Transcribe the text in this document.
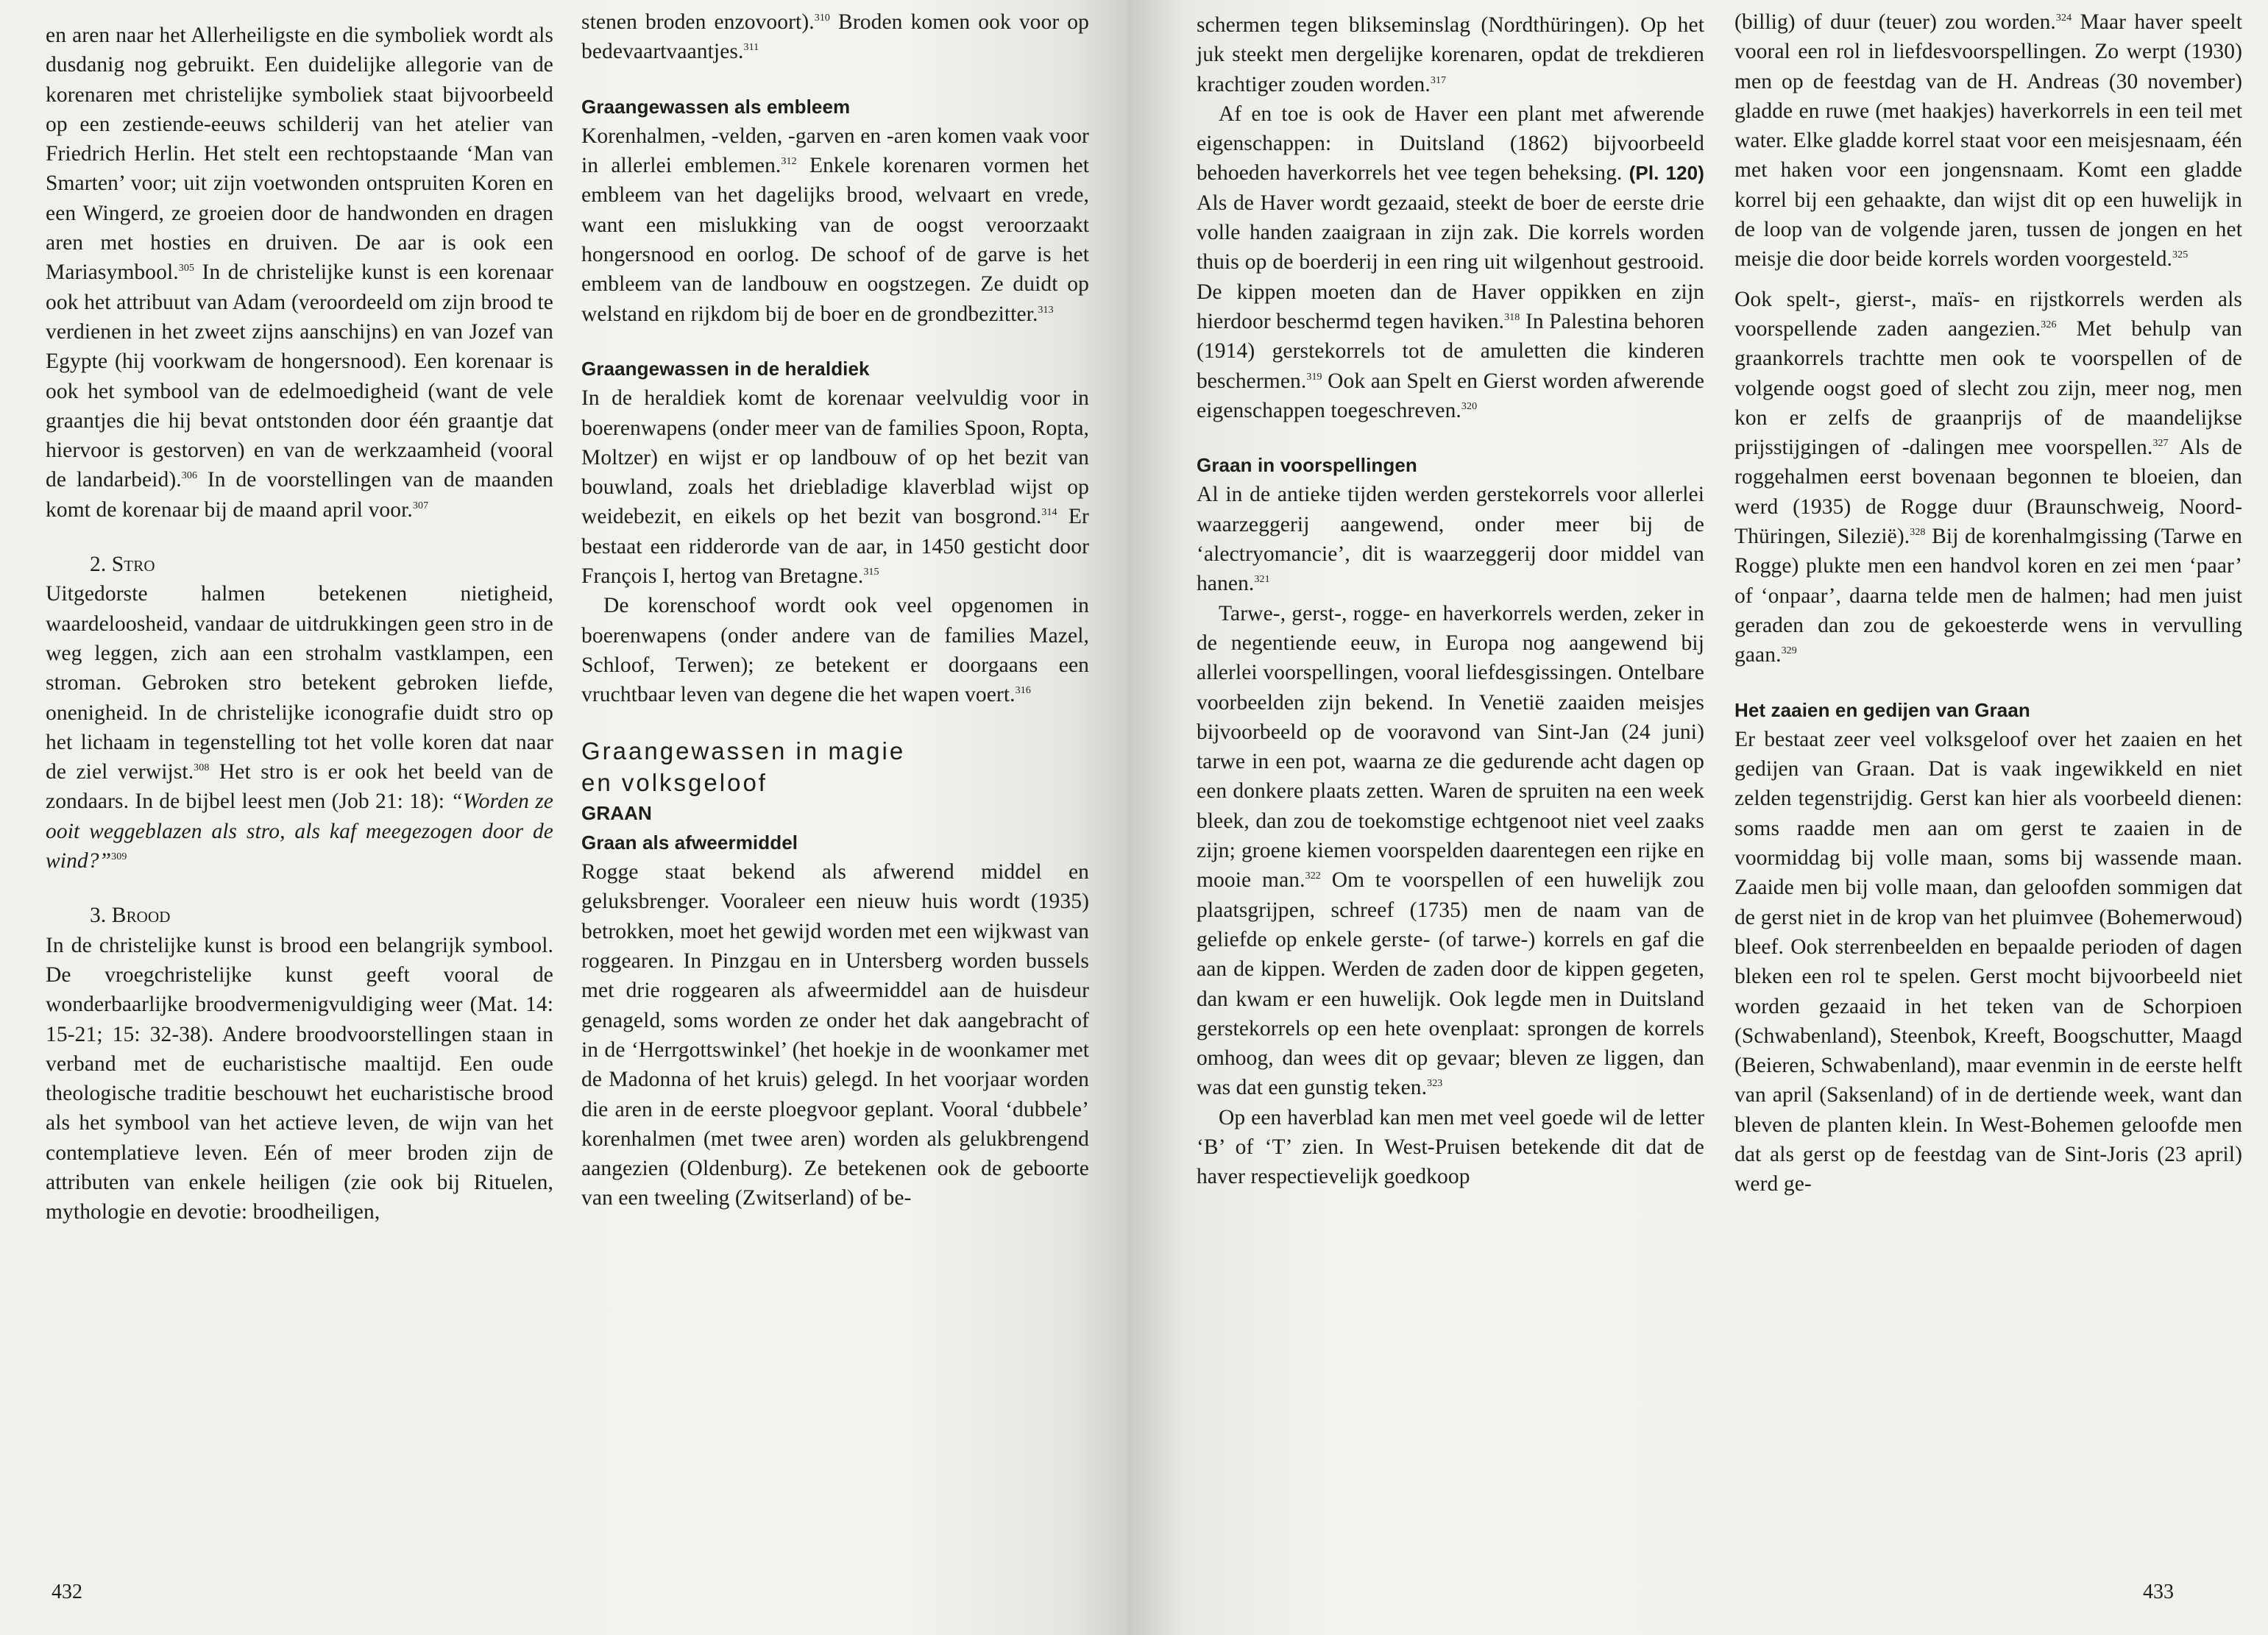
en aren naar het Allerheiligste en die symboliek wordt als dusdanig nog gebruikt. Een duidelijke allegorie van de korenaren met christelijke symboliek staat bijvoorbeeld op een zestiende-eeuws schilderij van het atelier van Friedrich Herlin. Het stelt een rechtopstaande ‘Man van Smarten’ voor; uit zijn voetwonden ontspruiten Koren en een Wingerd, ze groeien door de handwonden en dragen aren met hosties en druiven. De aar is ook een Mariasymbool.$^{305}$ In de christelijke kunst is een korenaar ook het attribuut van Adam (veroordeeld om zijn brood te verdienen in het zweet zijns aanschijns) en van Jozef van Egypte (hij voorkwam de hongersnood). Een korenaar is ook het symbool van de edelmoedigheid (want de vele graantjes die hij bevat ontstonden door één graantje dat hiervoor is gestorven) en van de werkzaamheid (vooral de landarbeid).$^{306}$ In de voorstellingen van de maanden komt de korenaar bij de maand april voor.$^{307}$

2. Stro

Uitgedorste halmen betekenen nietigheid, waardeloosheid, vandaar de uitdrukkingen geen stro in de weg leggen, zich aan een strohalm vastklampen, een stroman. Gebroken stro betekent gebroken liefde, onenigheid. In de christelijke iconografie duidt stro op het lichaam in tegenstelling tot het volle koren dat naar de ziel verwijst.$^{308}$ Het stro is er ook het beeld van de zondaars. In de bijbel leest men (Job 21: 18): “Worden ze ooit weggeblazen als stro, als kaf meegezogen door de wind?”$^{309}$

3. Brood

In de christelijke kunst is brood een belangrijk symbool. De vroegchristelijke kunst geeft vooral de wonderbaarlijke broodvermenigvuldiging weer (Mat. 14: 15-21; 15: 32-38). Andere broodvoorstellingen staan in verband met de eucharistische maaltijd. Een oude theologische traditie beschouwt het eucharistische brood als het symbool van het actieve leven, de wijn van het contemplatieve leven. Eén of meer broden zijn de attributen van enkele heiligen (zie ook bij Rituelen, mythologie en devotie: broodheiligen,

stenen broden enzovoort).$^{310}$ Broden komen ook voor op bedevaartvaantjes.$^{311}$

Graangewassen als embleem

Korenhalmen, -velden, -garven en -aren komen vaak voor in allerlei emblemen.$^{312}$ Enkele korenaren vormen het embleem van het dagelijks brood, welvaart en vrede, want een mislukking van de oogst veroorzaakt hongersnood en oorlog. De schoof of de garve is het embleem van de landbouw en oogstzegen. Ze duidt op welstand en rijkdom bij de boer en de grondbezitter.$^{313}$

Graangewassen in de heraldiek

In de heraldiek komt de korenaar veelvuldig voor in boerenwapens (onder meer van de families Spoon, Ropta, Moltzer) en wijst er op landbouw of op het bezit van bouwland, zoals het driebladige klaverblad wijst op weidebezit, en eikels op het bezit van bosgrond.$^{314}$ Er bestaat een ridderorde van de aar, in 1450 gesticht door François I, hertog van Bretagne.$^{315}$

De korenschoof wordt ook veel opgenomen in boerenwapens (onder andere van de families Mazel, Schloof, Terwen); ze betekent er doorgaans een vruchtbaar leven van degene die het wapen voert.$^{316}$

Graangewassen in magie
en volksgeloof
GRAAN
Graan als afweermiddel

Rogge staat bekend als afwerend middel en geluksbrenger. Vooraleer een nieuw huis wordt (1935) betrokken, moet het gewijd worden met een wijkwast van roggearen. In Pinzgau en in Untersberg worden bussels met drie roggearen als afweermiddel aan de huisdeur genageld, soms worden ze onder het dak aangebracht of in de ‘Herrgottswinkel’ (het hoekje in de woonkamer met de Madonna of het kruis) gelegd. In het voorjaar worden die aren in de eerste ploegvoor geplant. Vooral ‘dubbele’ korenhalmen (met twee aren) worden als gelukbrengend aangezien (Oldenburg). Ze betekenen ook de geboorte van een tweeling (Zwitserland) of be-

432

schermen tegen blikseminslag (Nordthüringen). Op het juk steekt men dergelijke korenaren, opdat de trekdieren krachtiger zouden worden.$^{317}$

Af en toe is ook de Haver een plant met afwerende eigenschappen: in Duitsland (1862) bijvoorbeeld behoeden haverkorrels het vee tegen beheksing. (Pl. 120) Als de Haver wordt gezaaid, steekt de boer de eerste drie volle handen zaaigraan in zijn zak. Die korrels worden thuis op de boerderij in een ring uit wilgenhout gestrooid. De kippen moeten dan de Haver oppikken en zijn hierdoor beschermd tegen haviken.$^{318}$ In Palestina behoren (1914) gerstekorrels tot de amuletten die kinderen beschermen.$^{319}$ Ook aan Spelt en Gierst worden afwerende eigenschappen toegeschreven.$^{320}$

Graan in voorspellingen

Al in de antieke tijden werden gerstekorrels voor allerlei waarzeggerij aangewend, onder meer bij de ‘alectryomancie’, dit is waarzeggerij door middel van hanen.$^{321}$

Tarwe-, gerst-, rogge- en haverkorrels werden, zeker in de negentiende eeuw, in Europa nog aangewend bij allerlei voorspellingen, vooral liefdesgissingen. Ontelbare voorbeelden zijn bekend. In Venetië zaaiden meisjes bijvoorbeeld op de vooravond van Sint-Jan (24 juni) tarwe in een pot, waarna ze die gedurende acht dagen op een donkere plaats zetten. Waren de spruiten na een week bleek, dan zou de toekomstige echtgenoot niet veel zaaks zijn; groene kiemen voorspelden daarentegen een rijke en mooie man.$^{322}$ Om te voorspellen of een huwelijk zou plaatsgrijpen, schreef (1735) men de naam van de geliefde op enkele gerste- (of tarwe-) korrels en gaf die aan de kippen. Werden de zaden door de kippen gegeten, dan kwam er een huwelijk. Ook legde men in Duitsland gerstekorrels op een hete ovenplaat: sprongen de korrels omhoog, dan wees dit op gevaar; bleven ze liggen, dan was dat een gunstig teken.$^{323}$

Op een haverblad kan men met veel goede wil de letter ‘B’ of ‘T’ zien. In West-Pruisen betekende dit dat de haver respectievelijk goedkoop

(billig) of duur (teuer) zou worden.$^{324}$ Maar haver speelt vooral een rol in liefdesvoorspellingen. Zo werpt (1930) men op de feestdag van de H. Andreas (30 november) gladde en ruwe (met haakjes) haverkorrels in een teil met water. Elke gladde korrel staat voor een meisjesnaam, één met haken voor een jongensnaam. Komt een gladde korrel bij een gehaakte, dan wijst dit op een huwelijk in de loop van de volgende jaren, tussen de jongen en het meisje die door beide korrels worden voorgesteld.$^{325}$

Ook spelt-, gierst-, maïs- en rijstkorrels werden als voorspellende zaden aangezien.$^{326}$ Met behulp van graankorrels trachtte men ook te voorspellen of de volgende oogst goed of slecht zou zijn, meer nog, men kon er zelfs de graanprijs of de maandelijkse prijsstijgingen of -dalingen mee voorspellen.$^{327}$ Als de roggehalmen eerst bovenaan begonnen te bloeien, dan werd (1935) de Rogge duur (Braunschweig, Noord-Thüringen, Silezië).$^{328}$ Bij de korenhalmgissing (Tarwe en Rogge) plukte men een handvol koren en zei men ‘paar’ of ‘onpaar’, daarna telde men de halmen; had men juist geraden dan zou de gekoesterde wens in vervulling gaan.$^{329}$

Het zaaien en gedijen van Graan

Er bestaat zeer veel volksgeloof over het zaaien en het gedijen van Graan. Dat is vaak ingewikkeld en niet zelden tegenstrijdig. Gerst kan hier als voorbeeld dienen: soms raadde men aan om gerst te zaaien in de voormiddag bij volle maan, soms bij wassende maan. Zaaide men bij volle maan, dan geloofden sommigen dat de gerst niet in de krop van het pluimvee (Bohemerwoud) bleef. Ook sterrenbeelden en bepaalde perioden of dagen bleken een rol te spelen. Gerst mocht bijvoorbeeld niet worden gezaaid in het teken van de Schorpioen (Schwabenland), Steenbok, Kreeft, Boogschutter, Maagd (Beieren, Schwabenland), maar evenmin in de eerste helft van april (Saksenland) of in de dertiende week, want dan bleven de planten klein. In West-Bohemen geloofde men dat als gerst op de feestdag van de Sint-Joris (23 april) werd ge-

433
